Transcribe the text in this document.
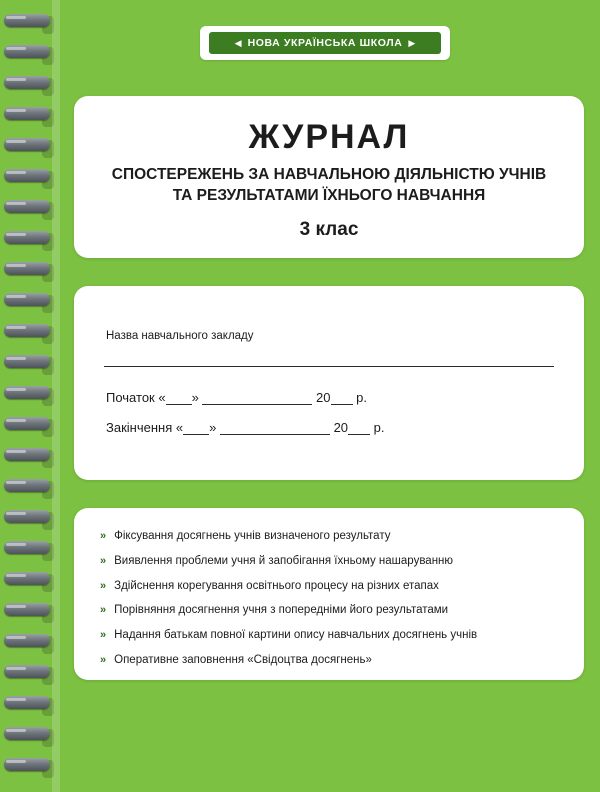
◀ НОВА УКРАЇНСЬКА ШКОЛА ▶
ЖУРНАЛ
СПОСТЕРЕЖЕНЬ ЗА НАВЧАЛЬНОЮ ДІЯЛЬНІСТЮ УЧНІВ
ТА РЕЗУЛЬТАТАМИ ЇХНЬОГО НАВЧАННЯ
3 клас
Назва навчального закладу
Початок « »	20 р.
Закінчення « »	20 р.
» Фіксування досягнень учнів визначеного результату
» Виявлення проблеми учня й запобігання їхньому нашаруванню
» Здійснення корегування освітнього процесу на різних етапах
» Порівняння досягнення учня з попередніми його результатами
» Надання батькам повної картини опису навчальних досягнень учнів
» Оперативне заповнення «Свідоцтва досягнень»
